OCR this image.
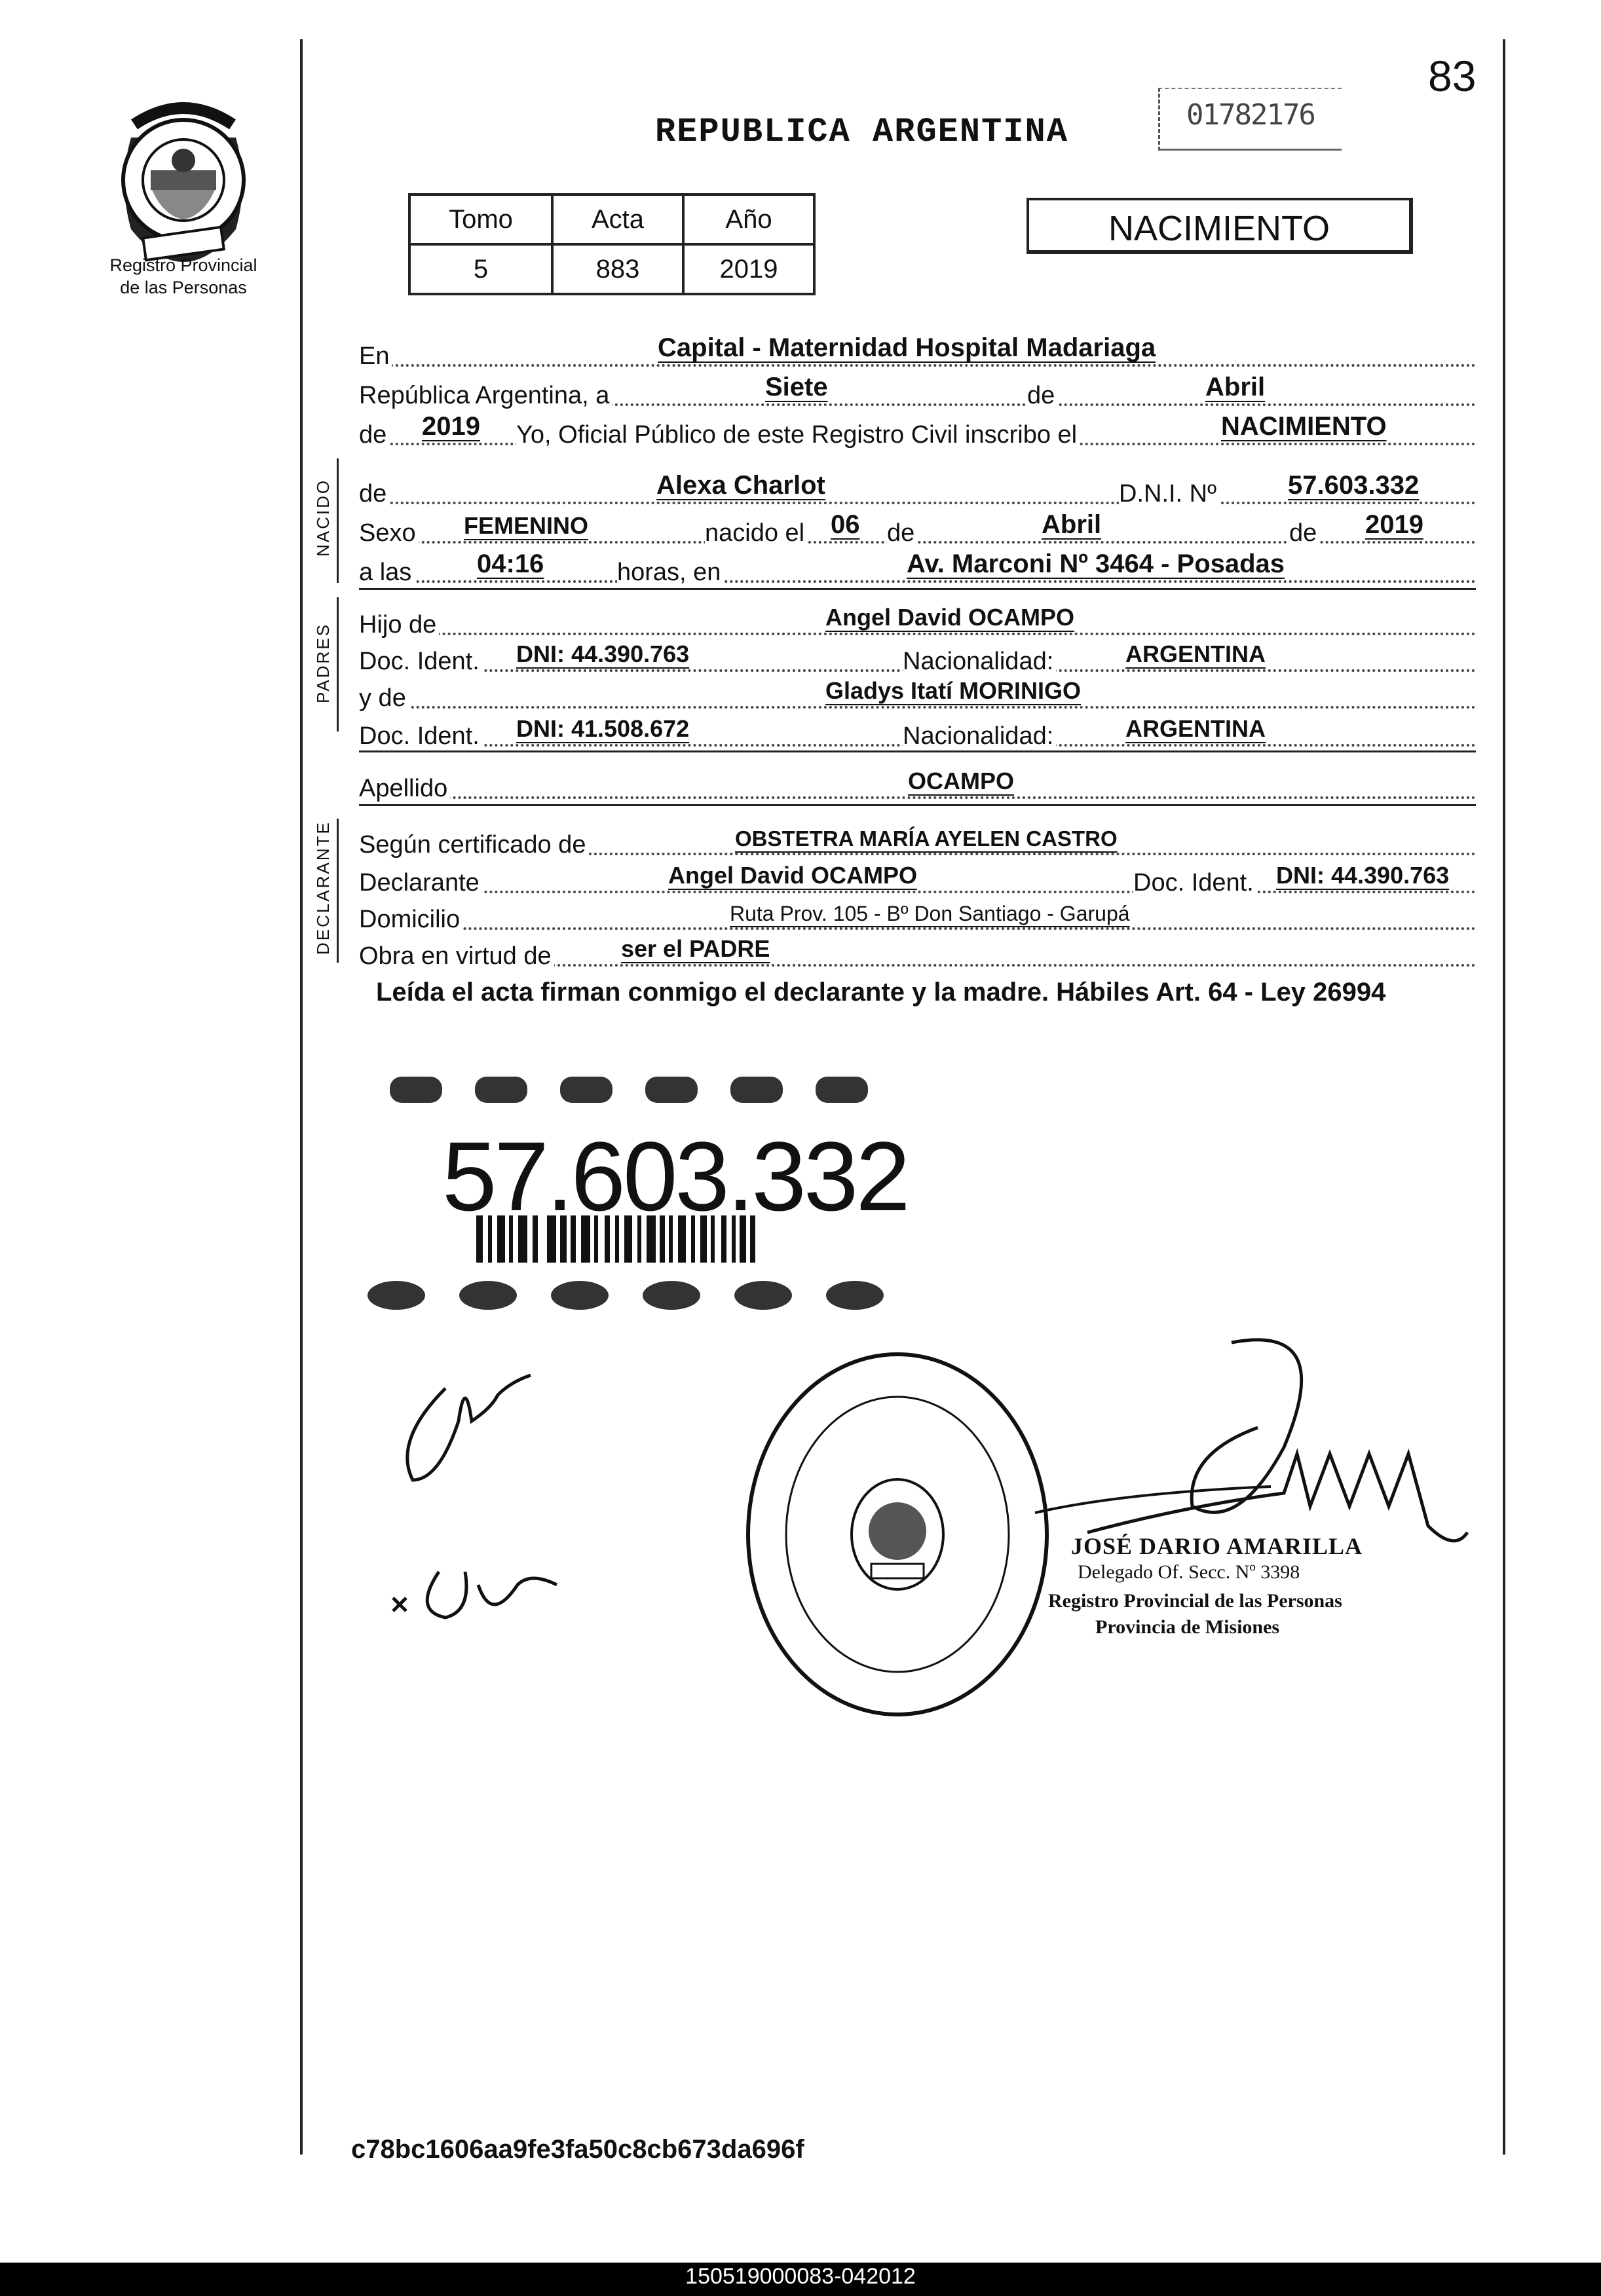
83
REPUBLICA ARGENTINA	01782176
Registro Provincial
de las Personas
Tomo	Acta	Año
5	883	2019
NACIMIENTO
En	Capital - Maternidad Hospital Madariaga
República Argentina, a	Siete	de	Abril
de 2019 Yo, Oficial Público de este Registro Civil inscribo el	NACIMIENTO
NACIDO de	Alexa Charlot	D.N.I. Nº	57.603.332
Sexo FEMENINO	nacido el 06 de	Abril	de 2019
a las 04:16	horas, en	Av. Marconi Nº 3464 - Posadas
PADRES Hijo de	Angel David OCAMPO
Doc. Ident. DNI: 44.390.763	Nacionalidad:	ARGENTINA
y de	Gladys Itatí MORINIGO
Doc. Ident. DNI: 41.508.672	Nacionalidad:	ARGENTINA
Apellido	OCAMPO
DECLARANTE Según certificado de	OBSTETRA MARÍA AYELEN CASTRO
Declarante	Angel David OCAMPO	Doc. Ident. DNI: 44.390.763
Domicilio	Ruta Prov. 105 - Bº Don Santiago - Garupá
Obra en virtud de	ser el PADRE
Leída el acta firman conmigo el declarante y la madre. Hábiles Art. 64 - Ley 26994
57.603.332
JOSÉ DARIO AMARILLA
Delegado Of. Secc. Nº 3398
Registro Provincial de las Personas
Provincia de Misiones
c78bc1606aa9fe3fa50c8cb673da696f
150519000083-042012
